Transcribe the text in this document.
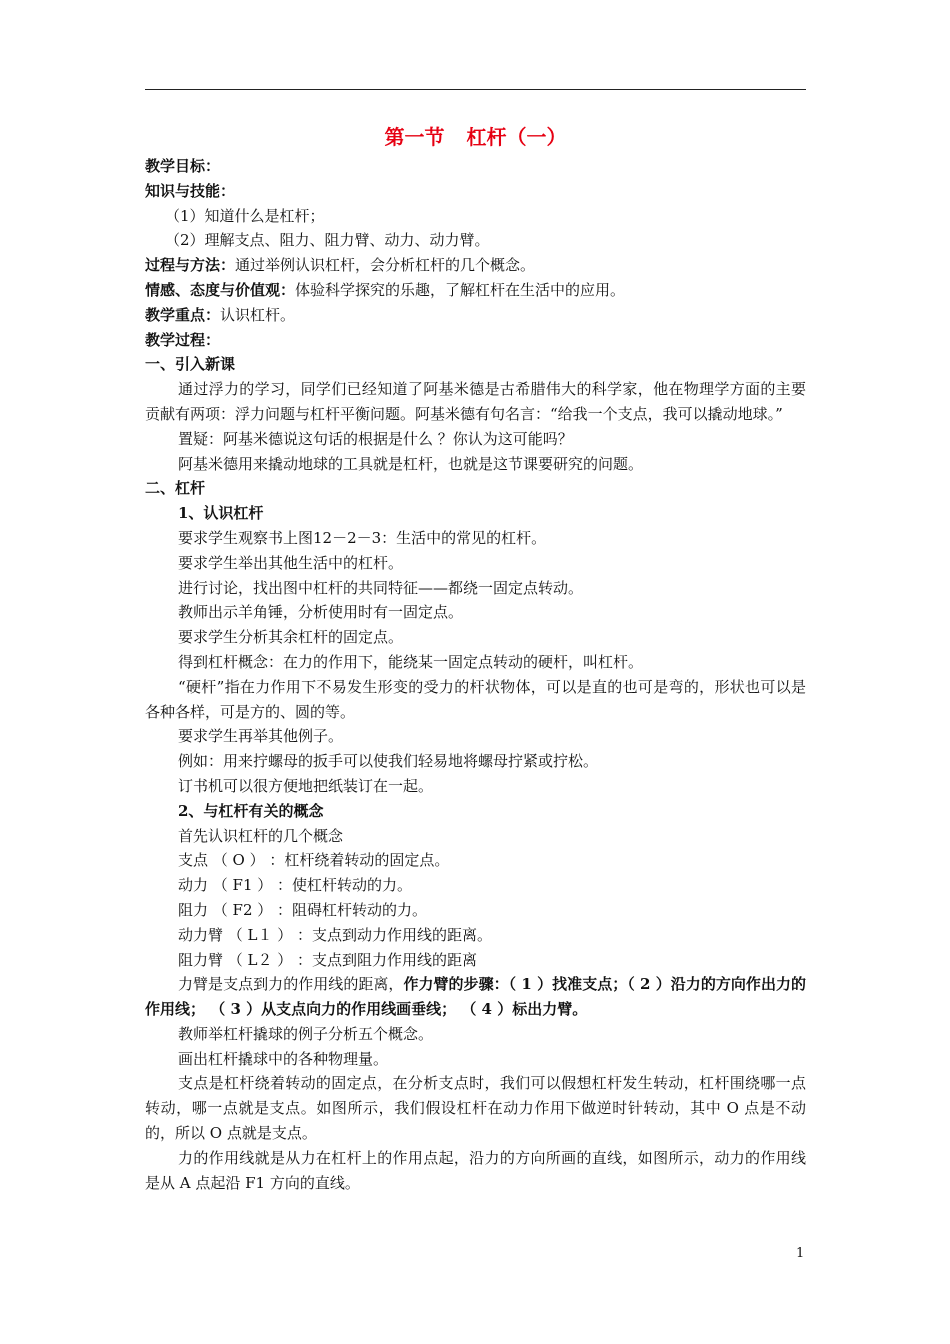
第一节 杠杆（一）
教学目标：
知识与技能：
（1）知道什么是杠杆；
（2）理解支点、阻力、阻力臂、动力、动力臂。
过程与方法：通过举例认识杠杆，会分析杠杆的几个概念。
情感、态度与价值观：体验科学探究的乐趣，了解杠杆在生活中的应用。
教学重点：认识杠杆。
教学过程：
一、引入新课
通过浮力的学习，同学们已经知道了阿基米德是古希腊伟大的科学家，他在物理学方面的主要贡献有两项：浮力问题与杠杆平衡问题。阿基米德有句名言：“给我一个支点，我可以撬动地球。”
置疑：阿基米德说这句话的根据是什么 ？你认为这可能吗？
阿基米德用来撬动地球的工具就是杠杆，也就是这节课要研究的问题。
二、杠杆
1、认识杠杆
要求学生观察书上图12－2－3：生活中的常见的杠杆。
要求学生举出其他生活中的杠杆。
进行讨论，找出图中杠杆的共同特征——都绕一固定点转动。
教师出示羊角锤，分析使用时有一固定点。
要求学生分析其余杠杆的固定点。
得到杠杆概念：在力的作用下，能绕某一固定点转动的硬杆，叫杠杆。
“硬杆”指在力作用下不易发生形变的受力的杆状物体，可以是直的也可是弯的，形状也可以是各种各样，可是方的、圆的等。
要求学生再举其他例子。
例如：用来拧螺母的扳手可以使我们轻易地将螺母拧紧或拧松。
订书机可以很方便地把纸装订在一起。
2、与杠杆有关的概念
首先认识杠杆的几个概念
支点 （ O ） ：杠杆绕着转动的固定点。
动力 （ F1 ） ：使杠杆转动的力。
阻力 （ F2 ） ：阻碍杠杆转动的力。
动力臂 （ L１ ） ：支点到动力作用线的距离。
阻力臂 （ L２ ） ：支点到阻力作用线的距离
力臂是支点到力的作用线的距离，作力臂的步骤：（ 1 ）找准支点；（ 2 ）沿力的方向作出力的作用线； （ 3 ）从支点向力的作用线画垂线； （ 4 ）标出力臂。
教师举杠杆撬球的例子分析五个概念。
画出杠杆撬球中的各种物理量。
支点是杠杆绕着转动的固定点，在分析支点时，我们可以假想杠杆发生转动，杠杆围绕哪一点转动，哪一点就是支点。如图所示，我们假设杠杆在动力作用下做逆时针转动，其中 O 点是不动的，所以 O 点就是支点。
力的作用线就是从力在杠杆上的作用点起，沿力的方向所画的直线，如图所示，动力的作用线是从 A 点起沿 F1 方向的直线。
1
